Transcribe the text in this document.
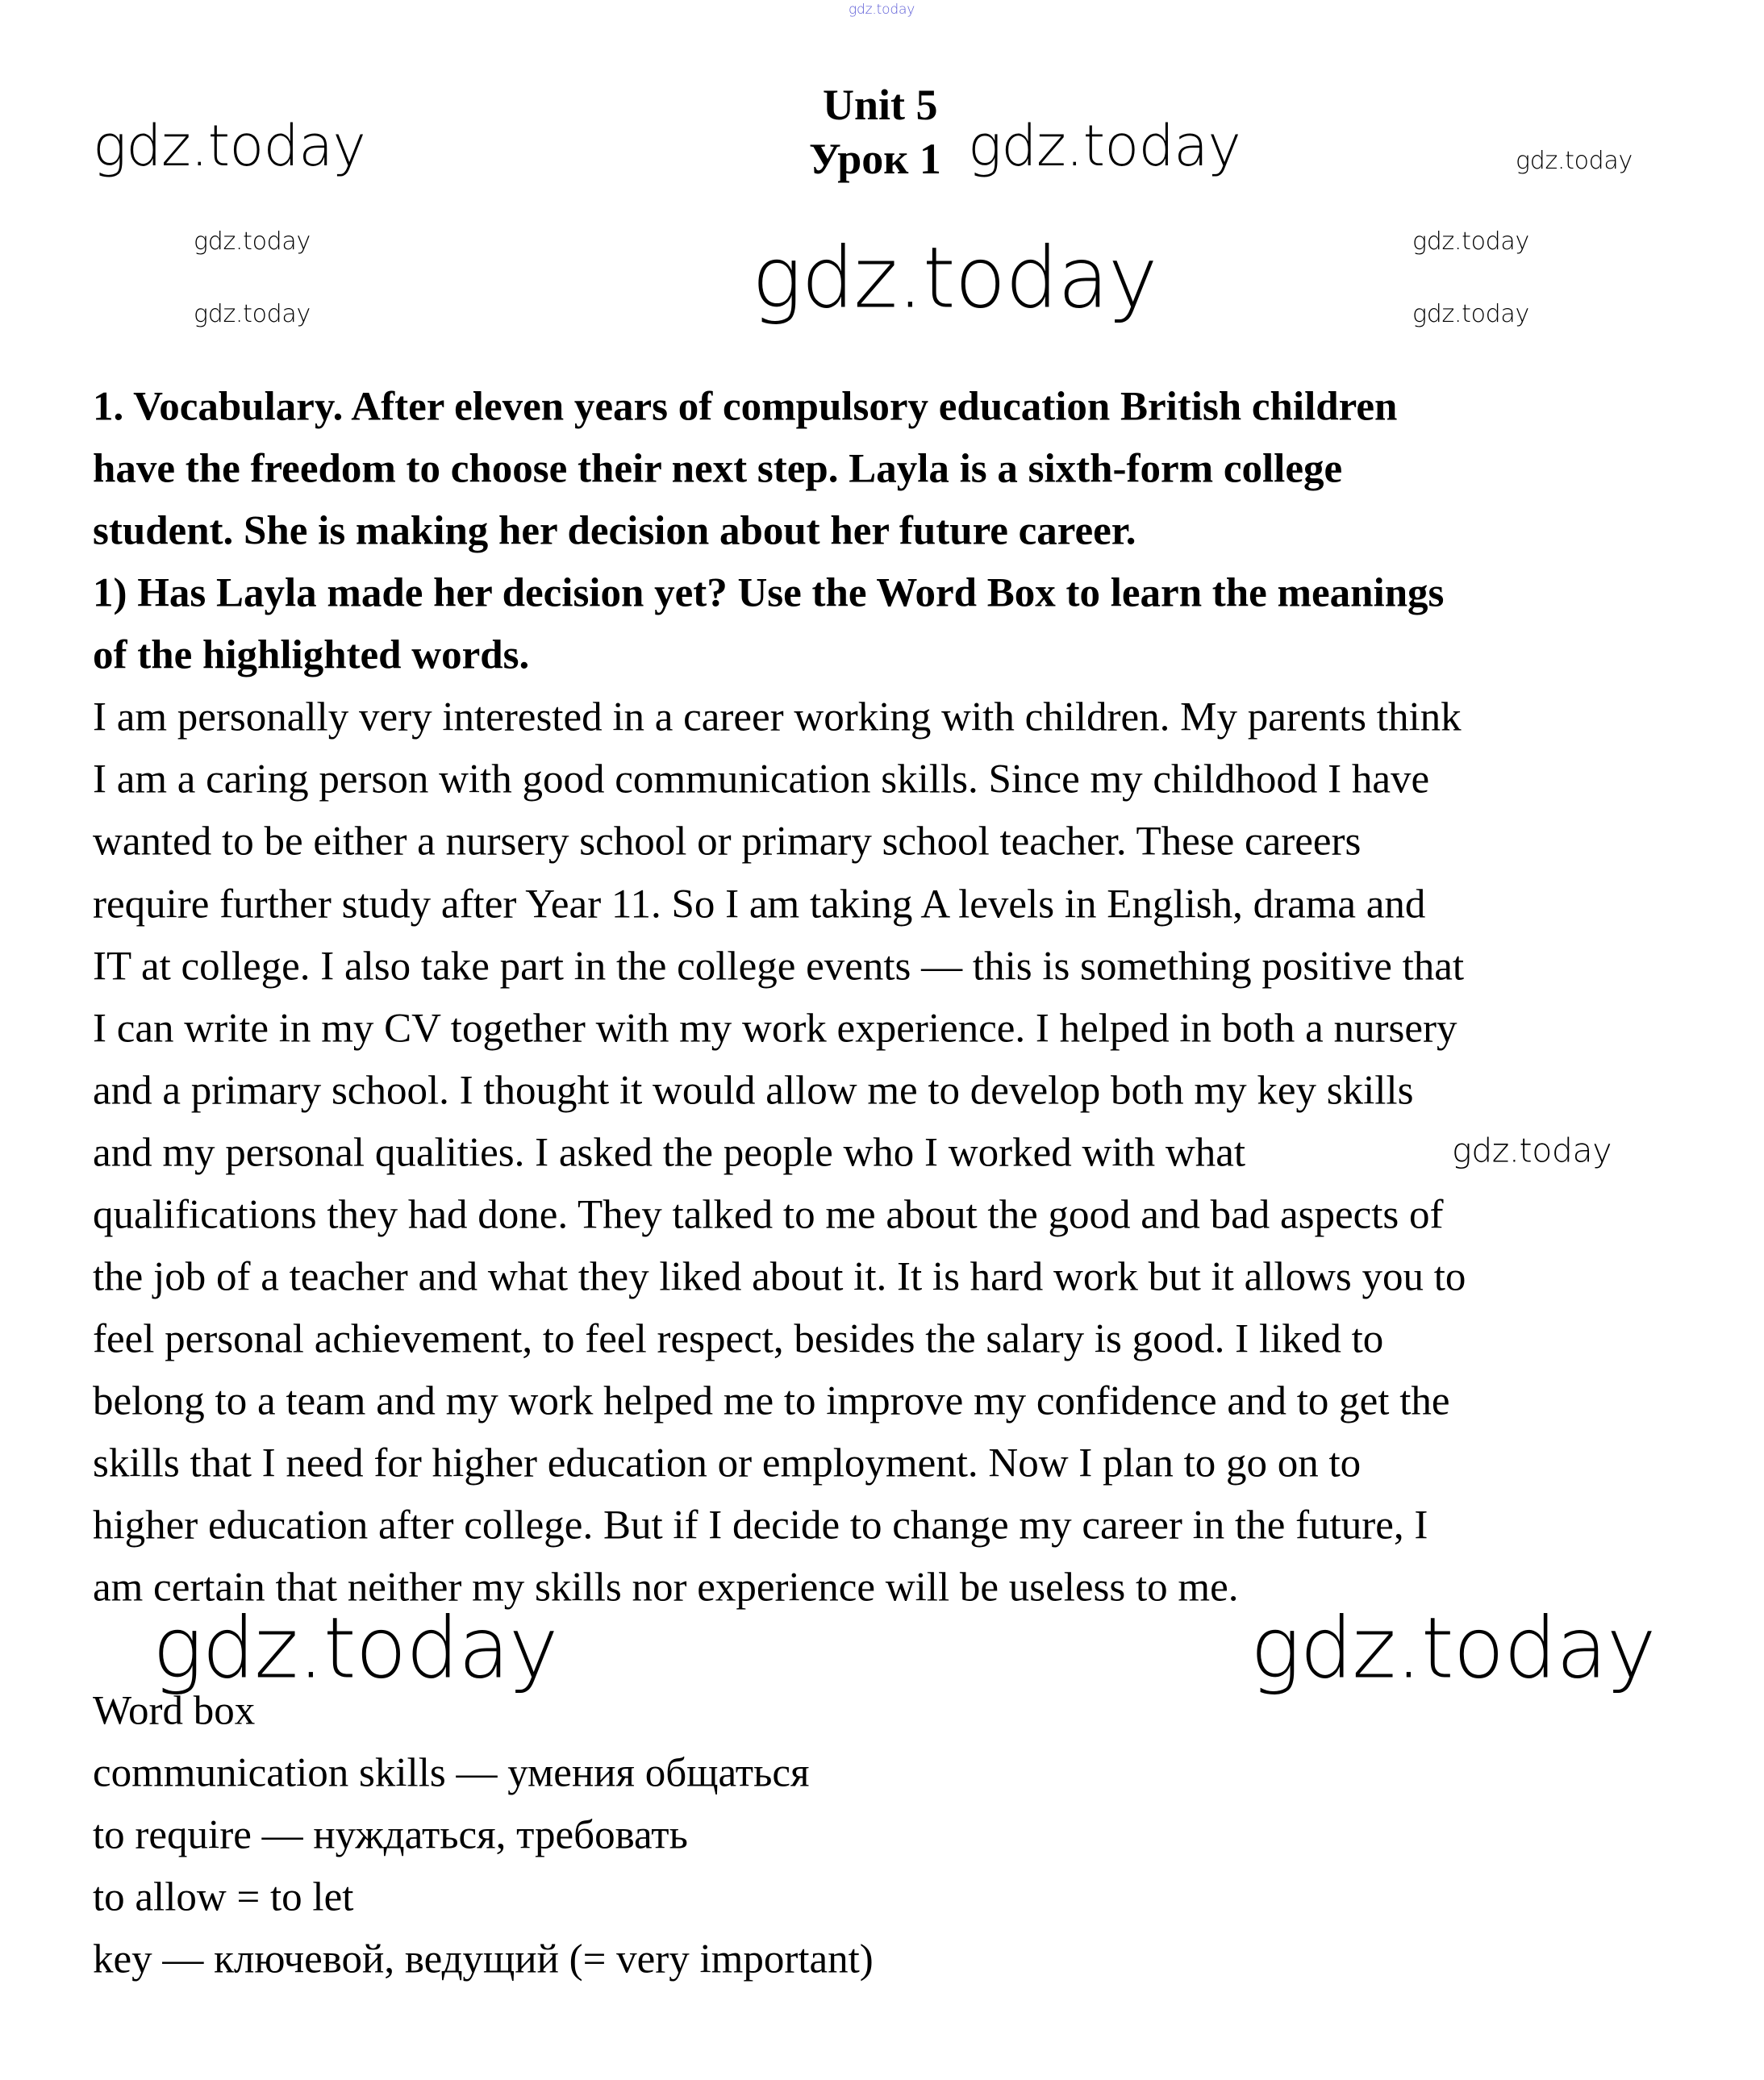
Unit 5
Урок 1
gdz.today
gdz.today	gdz.today	gdz.today
gdz.today	gdz.today
gdz.today
gdz.today
gdz.today
gdz.today
gdz.today	gdz.today
1. Vocabulary. After eleven years of compulsory education British children
have the freedom to choose their next step. Layla is a sixth-form college
student. She is making her decision about her future career.
1) Has Layla made her decision yet? Use the Word Box to learn the meanings
of the highlighted words.
I am personally very interested in a career working with children. My parents think
I am a caring person with good communication skills. Since my childhood I have
wanted to be either a nursery school or primary school teacher. These careers
require further study after Year 11. So I am taking A levels in English, drama and
IT at college. I also take part in the college events — this is something positive that
I can write in my CV together with my work experience. I helped in both a nursery
and a primary school. I thought it would allow me to develop both my key skills
and my personal qualities. I asked the people who I worked with what
qualifications they had done. They talked to me about the good and bad aspects of
the job of a teacher and what they liked about it. It is hard work but it allows you to
feel personal achievement, to feel respect, besides the salary is good. I liked to
belong to a team and my work helped me to improve my confidence and to get the
skills that I need for higher education or employment. Now I plan to go on to
higher education after college. But if I decide to change my career in the future, I
am certain that neither my skills nor experience will be useless to me.
Word box
communication skills — умения общаться
to require — нуждаться, требовать
to allow = to let
key — ключевой, ведущий (= very important)
